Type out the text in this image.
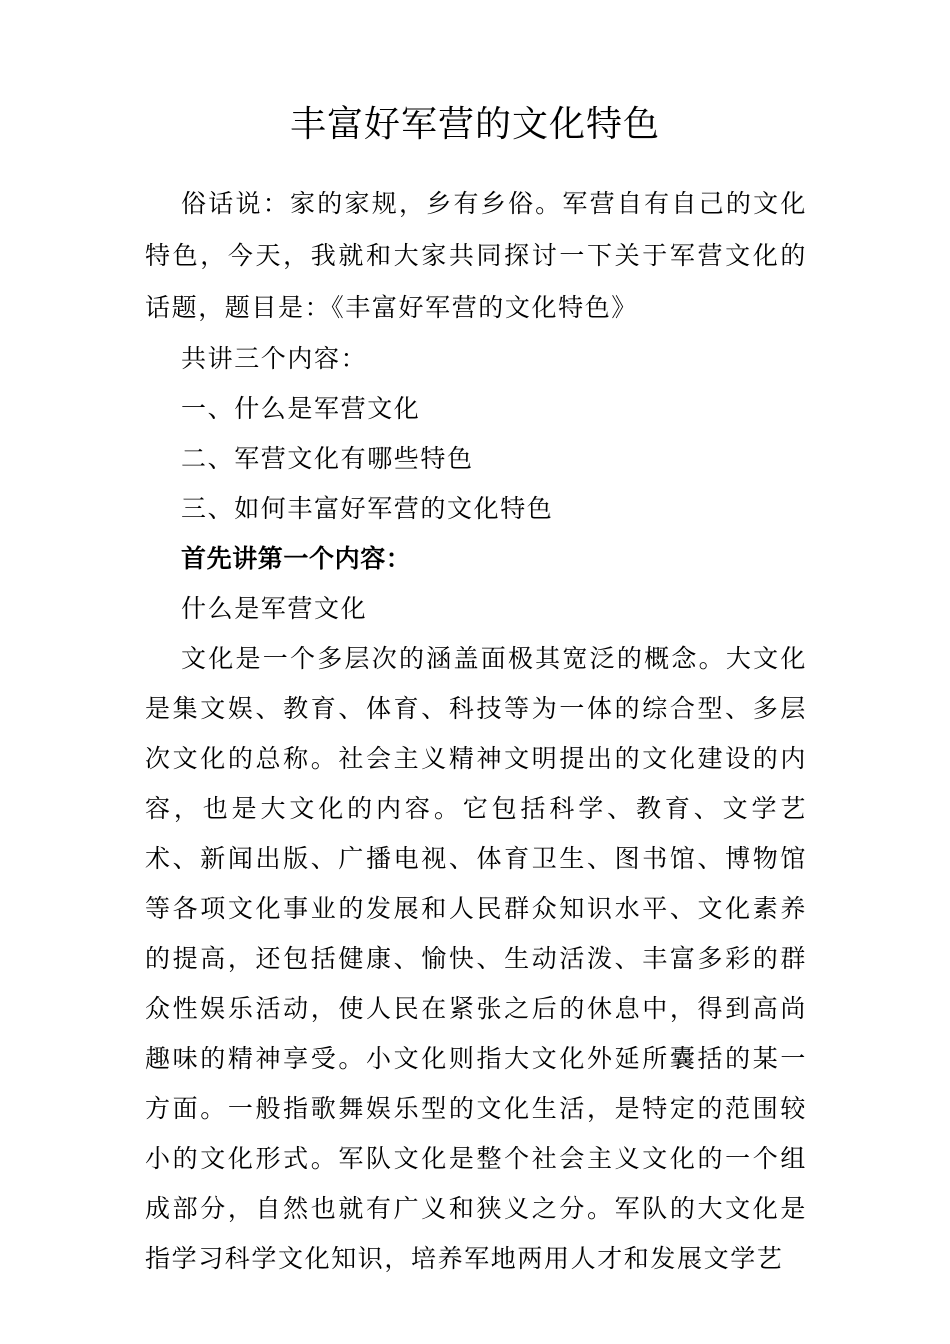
丰富好军营的文化特色

俗话说：家的家规，乡有乡俗。军营自有自己的文化特色，今天，我就和大家共同探讨一下关于军营文化的话题，题目是：《丰富好军营的文化特色》

共讲三个内容：

一、什么是军营文化

二、军营文化有哪些特色

三、如何丰富好军营的文化特色

首先讲第一个内容：

什么是军营文化

文化是一个多层次的涵盖面极其宽泛的概念。大文化是集文娱、教育、体育、科技等为一体的综合型、多层次文化的总称。社会主义精神文明提出的文化建设的内容，也是大文化的内容。它包括科学、教育、文学艺术、新闻出版、广播电视、体育卫生、图书馆、博物馆等各项文化事业的发展和人民群众知识水平、文化素养的提高，还包括健康、愉快、生动活泼、丰富多彩的群众性娱乐活动，使人民在紧张之后的休息中，得到高尚趣味的精神享受。小文化则指大文化外延所囊括的某一方面。一般指歌舞娱乐型的文化生活，是特定的范围较小的文化形式。军队文化是整个社会主义文化的一个组成部分，自然也就有广义和狭义之分。军队的大文化是指学习科学文化知识，培养军地两用人才和发展文学艺
